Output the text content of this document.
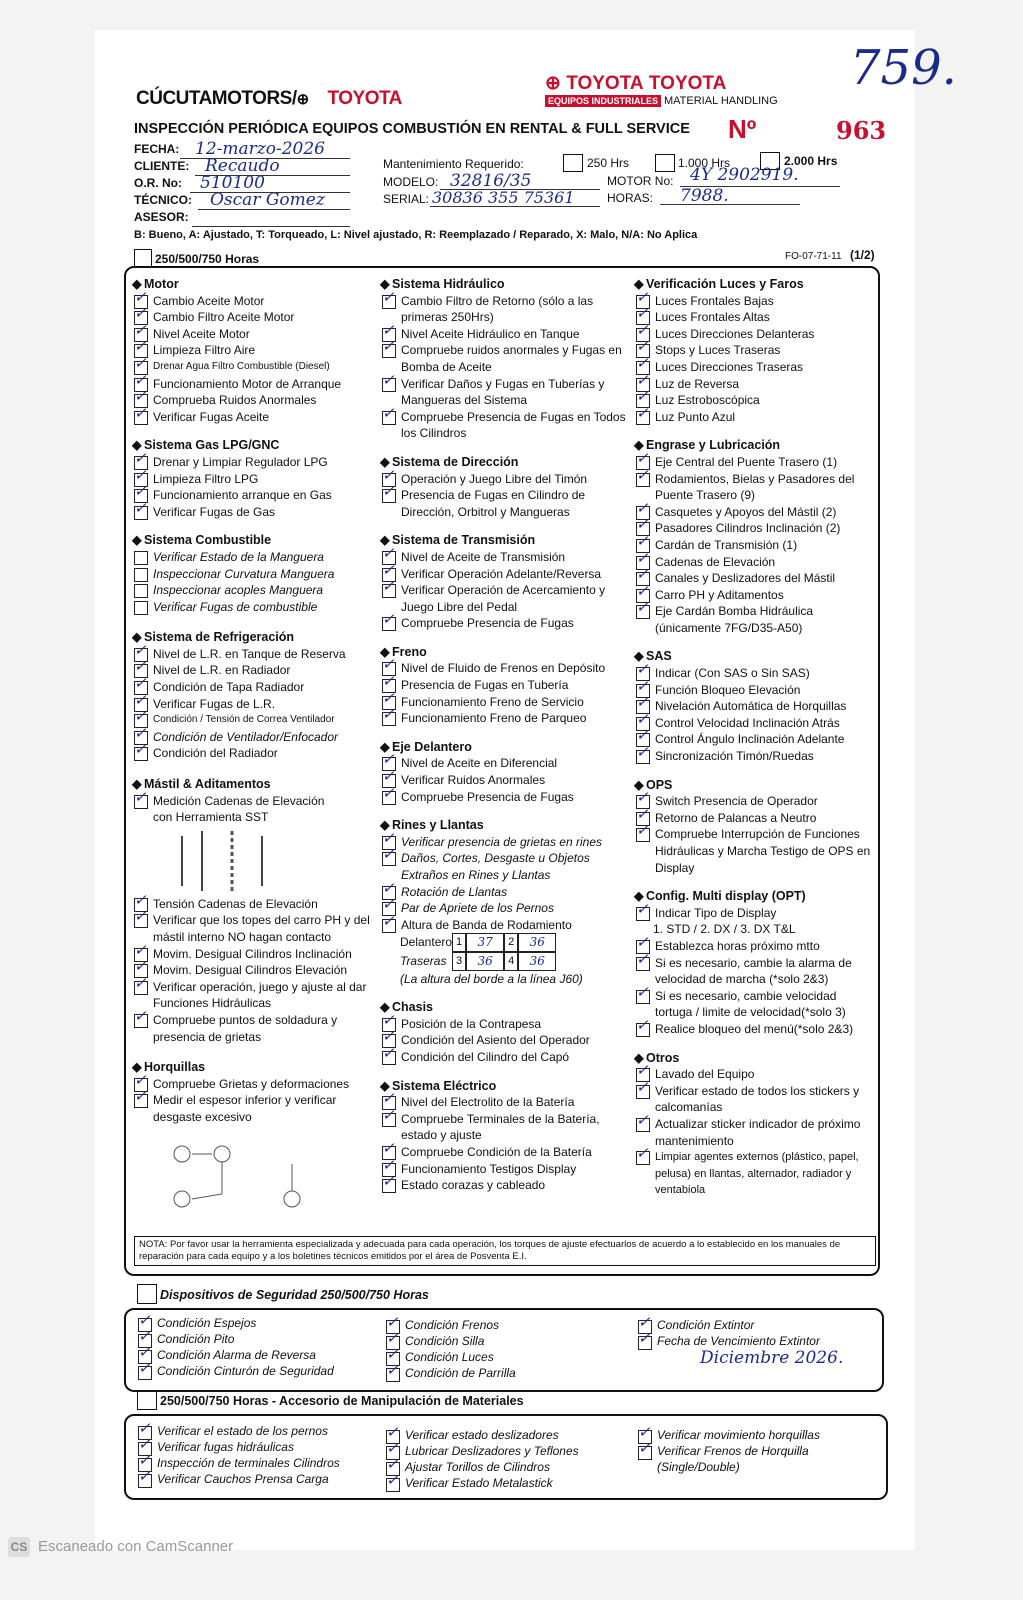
CÚCUTAMOTORS/⊕ TOYOTA
⊕ TOYOTA TOYOTA
EQUIPOS INDUSTRIALES MATERIAL HANDLING
759.
INSPECCIÓN PERIÓDICA EQUIPOS COMBUSTIÓN EN RENTAL & FULL SERVICE Nº	963
FECHA: 12-marzo-2026
CLIENTE: Recaudo
O.R. No: 510100
TÉCNICO: Oscar Gomez
ASESOR:
Mantenimiento Requerido:	250 Hrs	1.000 Hrs	2.000 Hrs
MODELO: 32816/35	MOTOR No: 4Y 2902919.
SERIAL: 30836 355 75361	HORAS: 7988.
B: Bueno, A: Ajustado, T: Torqueado, L: Nivel ajustado, R: Reemplazado / Reparado, X: Malo, N/A: No Aplica
250/500/750 Horas	FO-07-71-11 (1/2)
◆ Motor
✓
Cambio Aceite Motor
✓
Cambio Filtro Aceite Motor
✓
Nivel Aceite Motor
✓
Limpieza Filtro Aire
✓
Drenar Agua Filtro Combustible (Diesel)
✓
Funcionamiento Motor de Arranque
✓
Comprueba Ruidos Anormales
✓
Verificar Fugas Aceite
◆ Sistema Gas LPG/GNC
✓
Drenar y Limpiar Regulador LPG
✓
Limpieza Filtro LPG
✓
Funcionamiento arranque en Gas
✓
Verificar Fugas de Gas
◆ Sistema Combustible
Verificar Estado de la Manguera
Inspeccionar Curvatura Manguera
Inspeccionar acoples Manguera
Verificar Fugas de combustible
◆ Sistema de Refrigeración
✓
Nivel de L.R. en Tanque de Reserva
✓
Nivel de L.R. en Radiador
✓
Condición de Tapa Radiador
✓
Verificar Fugas de L.R.
✓
Condición / Tensión de Correa Ventilador
✓
Condición de Ventilador/Enfocador
✓
Condición del Radiador
◆ Mástil & Aditamentos
✓
Medición Cadenas de Elevación con Herramienta SST
✓
Tensión Cadenas de Elevación
✓
Verificar que los topes del carro PH y del mástil interno NO hagan contacto
✓
Movim. Desigual Cilindros Inclinación
✓
Movim. Desigual Cilindros Elevación
✓
Verificar operación, juego y ajuste al dar Funciones Hidráulicas
✓
Compruebe puntos de soldadura y presencia de grietas
◆ Horquillas
✓
Compruebe Grietas y deformaciones
✓
Medir el espesor inferior y verificar desgaste excesivo
◆ Sistema Hidráulico
✓
Cambio Filtro de Retorno (sólo a las primeras 250Hrs)
✓
Nivel Aceite Hidráulico en Tanque
✓
Compruebe ruidos anormales y Fugas en Bomba de Aceite
✓
Verificar Daños y Fugas en Tuberías y Mangueras del Sistema
✓
Compruebe Presencia de Fugas en Todos los Cilindros
◆ Sistema de Dirección
✓
Operación y Juego Libre del Timón
✓
Presencia de Fugas en Cilindro de Dirección, Orbitrol y Mangueras
◆ Sistema de Transmisión
✓
Nivel de Aceite de Transmisión
✓
Verificar Operación Adelante/Reversa
✓
Verificar Operación de Acercamiento y Juego Libre del Pedal
✓
Compruebe Presencia de Fugas
◆ Freno
✓
Nivel de Fluido de Frenos en Depósito
✓
Presencia de Fugas en Tubería
✓
Funcionamiento Freno de Servicio
✓
Funcionamiento Freno de Parqueo
◆ Eje Delantero
✓
Nivel de Aceite en Diferencial
✓
Verificar Ruidos Anormales
✓
Compruebe Presencia de Fugas
◆ Rines y Llantas
✓
Verificar presencia de grietas en rines
✓
Daños, Cortes, Desgaste u Objetos Extraños en Rines y Llantas
✓
Rotación de Llantas
✓
Par de Apriete de los Pernos
✓
Altura de Banda de Rodamiento
Delantero 1	37	2	36
Traseras 3	36	4	36
(La altura del borde a la línea J60)
◆ Chasis
✓
Posición de la Contrapesa
✓
Condición del Asiento del Operador
✓
Condición del Cilindro del Capó
◆ Sistema Eléctrico
✓
Nivel del Electrolito de la Batería
✓
Compruebe Terminales de la Batería, estado y ajuste
✓
Compruebe Condición de la Batería
✓
Funcionamiento Testigos Display
✓
Estado corazas y cableado
◆ Verificación Luces y Faros
✓
Luces Frontales Bajas
✓
Luces Frontales Altas
✓
Luces Direcciones Delanteras
✓
Stops y Luces Traseras
✓
Luces Direcciones Traseras
✓
Luz de Reversa
✓
Luz Estroboscópica
✓
Luz Punto Azul
◆ Engrase y Lubricación
✓
Eje Central del Puente Trasero (1)
✓
Rodamientos, Bielas y Pasadores del Puente Trasero (9)
✓
Casquetes y Apoyos del Mástil (2)
✓
Pasadores Cilindros Inclinación (2)
✓
Cardán de Transmisión (1)
✓
Cadenas de Elevación
✓
Canales y Deslizadores del Mástil
✓
Carro PH y Aditamentos
✓
Eje Cardán Bomba Hidráulica (únicamente 7FG/D35-A50)
◆ SAS
✓
Indicar (Con SAS o Sin SAS)
✓
Función Bloqueo Elevación
✓
Nivelación Automática de Horquillas
✓
Control Velocidad Inclinación Atrás
✓
Control Ángulo Inclinación Adelante
✓
Sincronización Timón/Ruedas
◆ OPS
✓
Switch Presencia de Operador
✓
Retorno de Palancas a Neutro
✓
Compruebe Interrupción de Funciones Hidráulicas y Marcha Testigo de OPS en Display
◆ Config. Multi display (OPT)
✓
Indicar Tipo de Display
1. STD / 2. DX / 3. DX T&L
✓
Establezca horas próximo mtto
✓
Si es necesario, cambie la alarma de velocidad de marcha (*solo 2&3)
✓
Si es necesario, cambie velocidad tortuga / limite de velocidad(*solo 3)
✓
Realice bloqueo del menú(*solo 2&3)
◆ Otros
✓
Lavado del Equipo
✓
Verificar estado de todos los stickers y calcomanías
✓
Actualizar sticker indicador de próximo mantenimiento
✓
Limpiar agentes externos (plástico, papel, pelusa) en llantas, alternador, radiador y ventabiola
NOTA: Por favor usar la herramienta especializada y adecuada para cada operación, los torques de ajuste efectuarlos de acuerdo a lo establecido en los manuales de reparación para cada equipo y a los boletines técnicos emitidos por el área de Posventa E.I.
Dispositivos de Seguridad 250/500/750 Horas
✓
Condición Espejos
✓
Condición Pito
✓
Condición Alarma de Reversa
✓
Condición Cinturón de Seguridad
✓
Condición Frenos
✓
Condición Silla
✓
Condición Luces
✓
Condición de Parrilla
✓
Condición Extintor
✓
Fecha de Vencimiento Extintor
Diciembre 2026.
250/500/750 Horas - Accesorio de Manipulación de Materiales
✓
Verificar el estado de los pernos
✓
Verificar fugas hidráulicas
✓
Inspección de terminales Cilindros
✓
Verificar Cauchos Prensa Carga
✓
Verificar estado deslizadores
✓
Lubricar Deslizadores y Teflones
✓
Ajustar Torillos de Cilindros
✓
Verificar Estado Metalastick
✓
Verificar movimiento horquillas
✓
Verificar Frenos de Horquilla (Single/Double)
CS Escaneado con CamScanner
